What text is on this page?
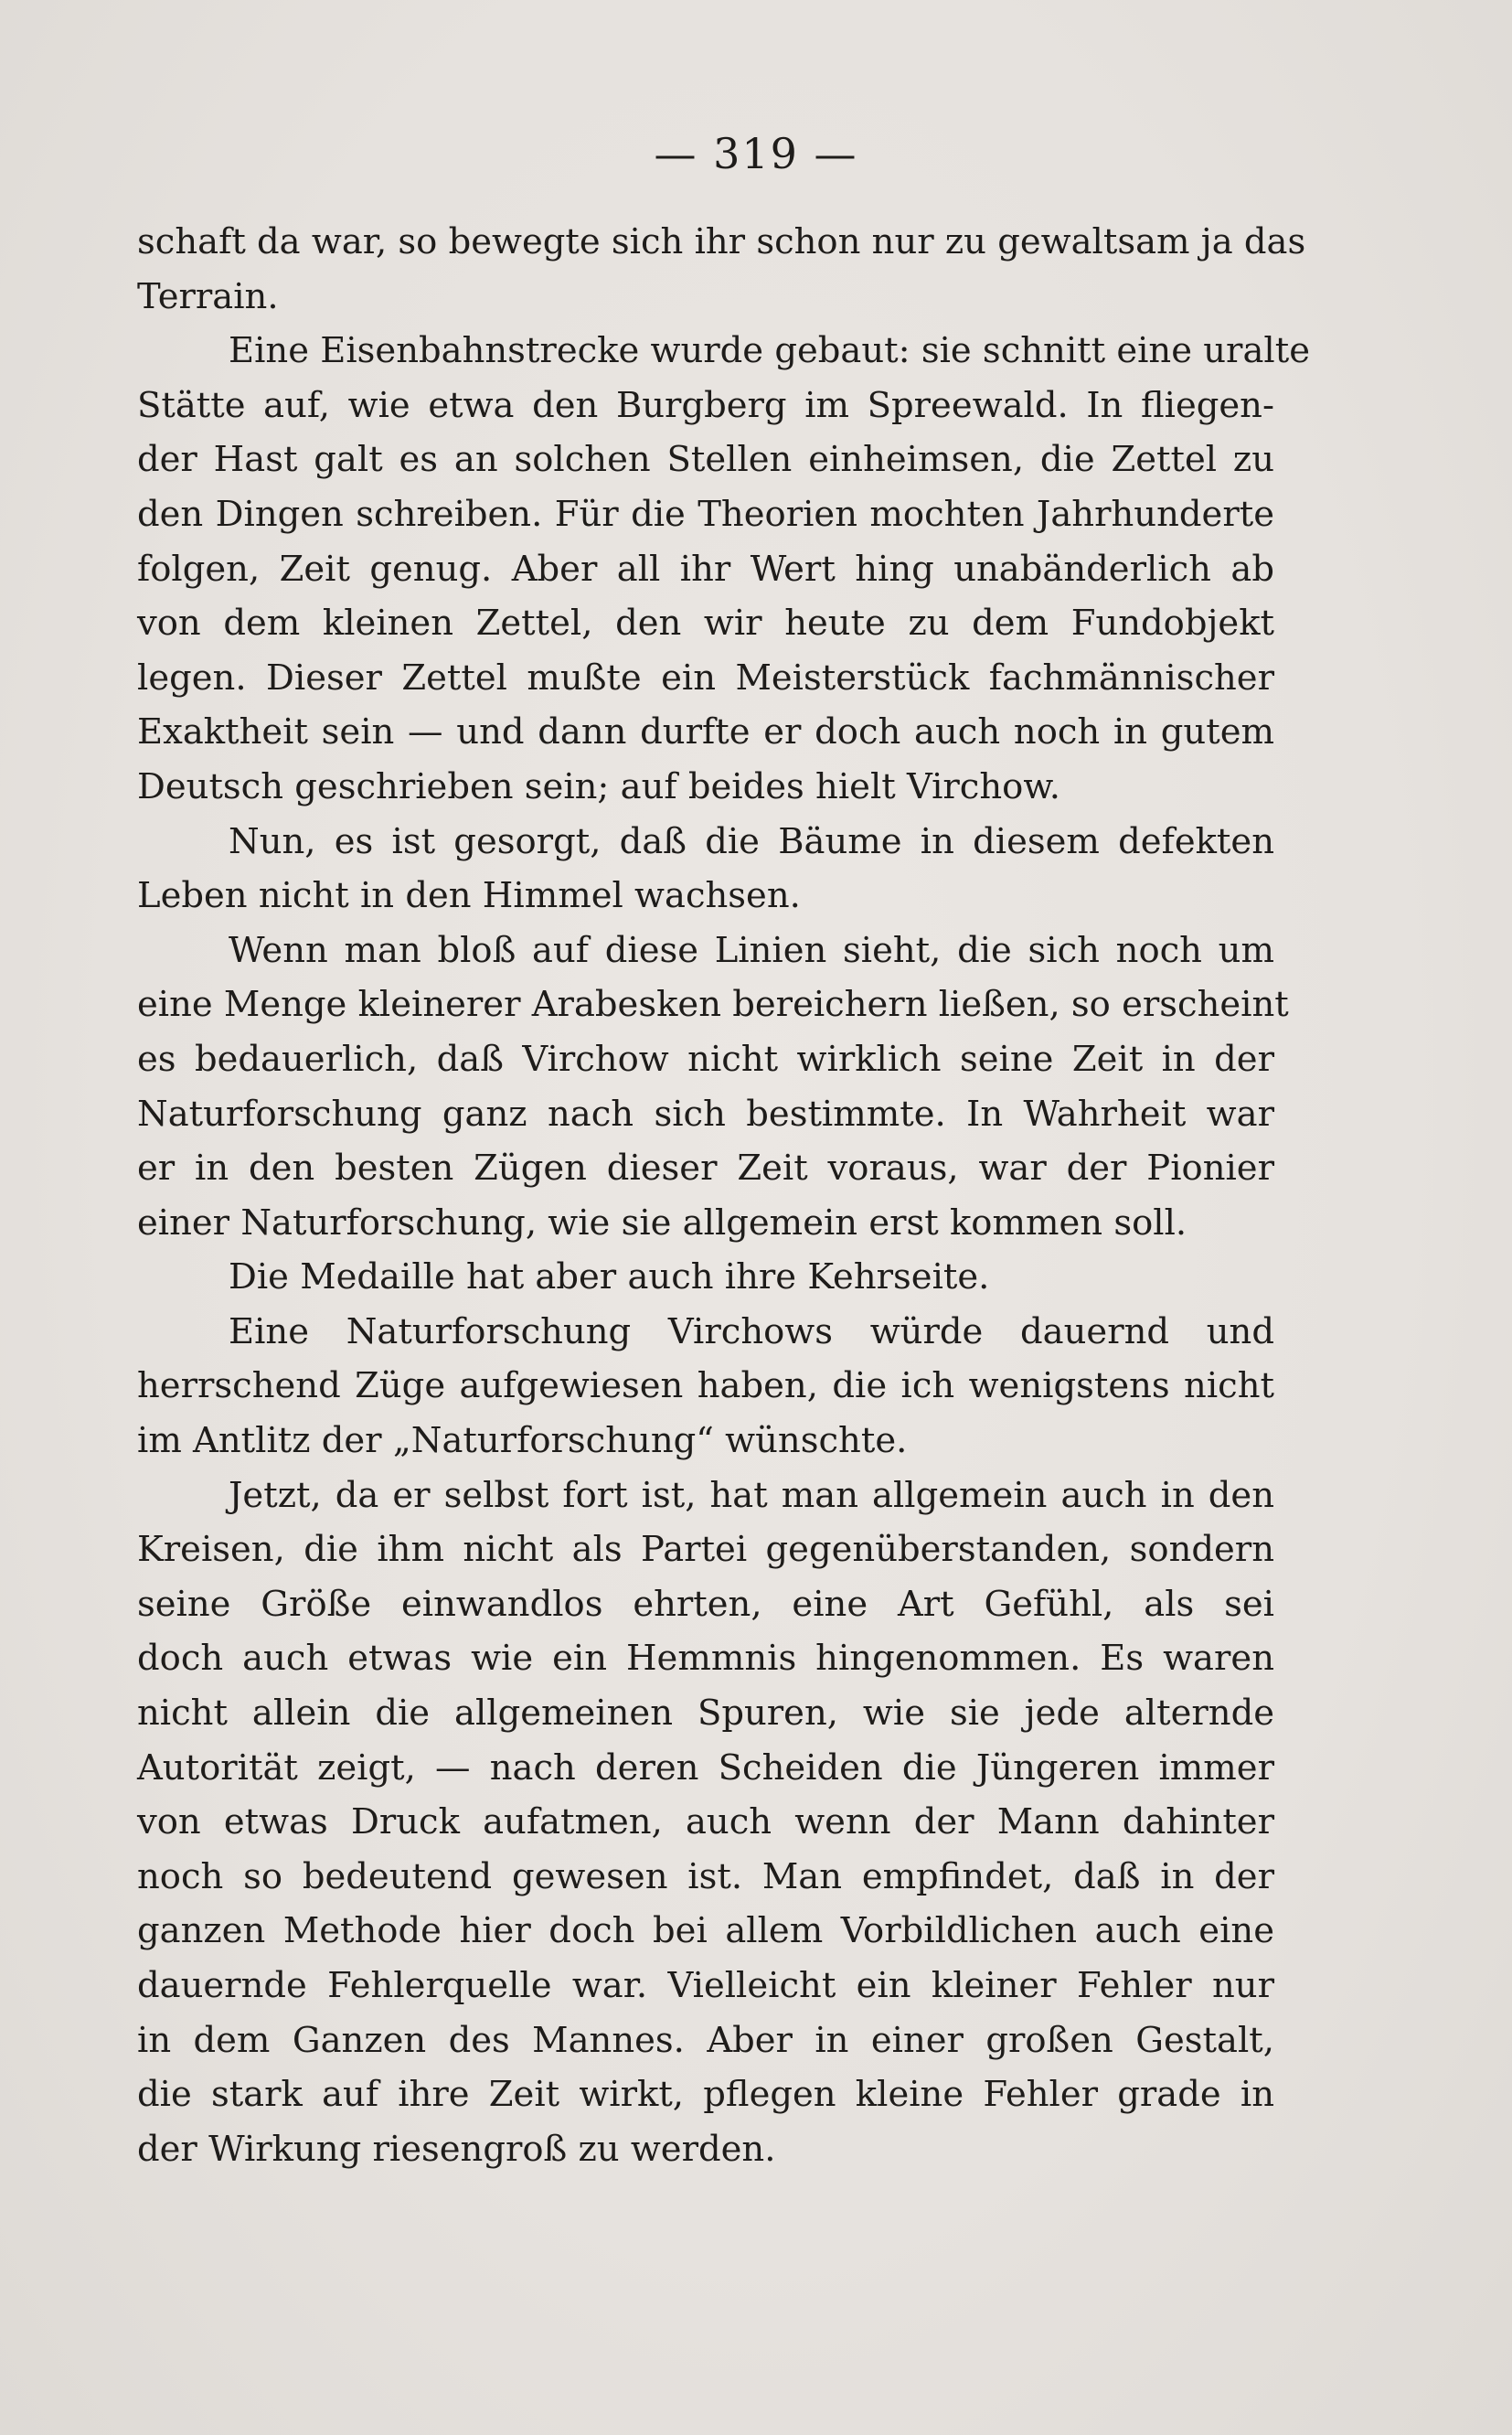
— 319 —
schaft da war, so bewegte sich ihr schon nur zu gewaltsam ja das
Terrain.
Eine Eisenbahnstrecke wurde gebaut: sie schnitt eine uralte
Stätte auf, wie etwa den Burgberg im Spreewald. In fliegen-
der Hast galt es an solchen Stellen einheimsen, die Zettel zu
den Dingen schreiben. Für die Theorien mochten Jahrhunderte
folgen, Zeit genug. Aber all ihr Wert hing unabänderlich ab
von dem kleinen Zettel, den wir heute zu dem Fundobjekt
legen. Dieser Zettel mußte ein Meisterstück fachmännischer
Exaktheit sein — und dann durfte er doch auch noch in gutem
Deutsch geschrieben sein; auf beides hielt Virchow.
Nun, es ist gesorgt, daß die Bäume in diesem defekten
Leben nicht in den Himmel wachsen.
Wenn man bloß auf diese Linien sieht, die sich noch um
eine Menge kleinerer Arabesken bereichern ließen, so erscheint
es bedauerlich, daß Virchow nicht wirklich seine Zeit in der
Naturforschung ganz nach sich bestimmte. In Wahrheit war
er in den besten Zügen dieser Zeit voraus, war der Pionier
einer Naturforschung, wie sie allgemein erst kommen soll.
Die Medaille hat aber auch ihre Kehrseite.
Eine Naturforschung Virchows würde dauernd und
herrschend Züge aufgewiesen haben, die ich wenigstens nicht
im Antlitz der „Naturforschung“ wünschte.
Jetzt, da er selbst fort ist, hat man allgemein auch in den
Kreisen, die ihm nicht als Partei gegenüberstanden, sondern
seine Größe einwandlos ehrten, eine Art Gefühl, als sei
doch auch etwas wie ein Hemmnis hingenommen. Es waren
nicht allein die allgemeinen Spuren, wie sie jede alternde
Autorität zeigt, — nach deren Scheiden die Jüngeren immer
von etwas Druck aufatmen, auch wenn der Mann dahinter
noch so bedeutend gewesen ist. Man empfindet, daß in der
ganzen Methode hier doch bei allem Vorbildlichen auch eine
dauernde Fehlerquelle war. Vielleicht ein kleiner Fehler nur
in dem Ganzen des Mannes. Aber in einer großen Gestalt,
die stark auf ihre Zeit wirkt, pflegen kleine Fehler grade in
der Wirkung riesengroß zu werden.
